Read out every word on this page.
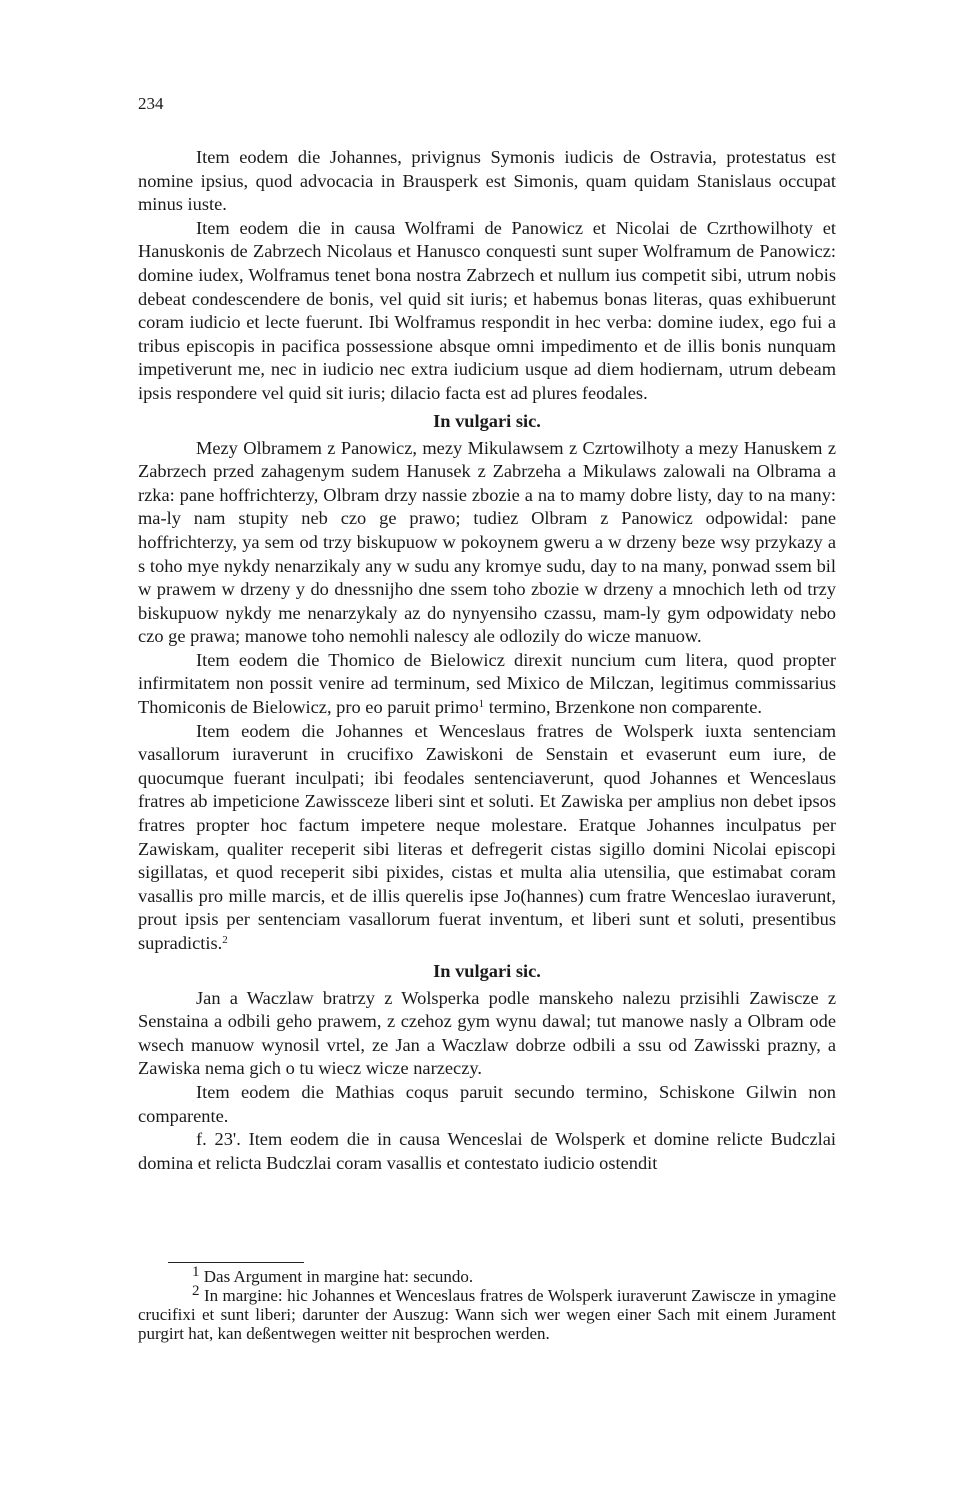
234

Item eodem die Johannes, privignus Symonis iudicis de Ostravia, protestatus est nomine ipsius, quod advocacia in Brausperk est Simonis, quam quidam Stanislaus occupat minus iuste.

Item eodem die in causa Wolframi de Panowicz et Nicolai de Czrthowilhoty et Hanuskonis de Zabrzech Nicolaus et Hanusco conquesti sunt super Wolframum de Panowicz: domine iudex, Wolframus tenet bona nostra Zabrzech et nullum ius competit sibi, utrum nobis debeat condescendere de bonis, vel quid sit iuris; et habemus bonas literas, quas exhibuerunt coram iudicio et lecte fuerunt. Ibi Wolframus respondit in hec verba: domine iudex, ego fui a tribus episcopis in pacifica possessione absque omni impedimento et de illis bonis nunquam impetiverunt me, nec in iudicio nec extra iudicium usque ad diem hodiernam, utrum debeam ipsis respondere vel quid sit iuris; dilacio facta est ad plures feodales.

In vulgari sic.

Mezy Olbramem z Panowicz, mezy Mikulawsem z Czrtowilhoty a mezy Hanuskem z Zabrzech przed zahagenym sudem Hanusek z Zabrzeha a Mikulaws zalowali na Olbrama a rzka: pane hoffrichterzy, Olbram drzy nassie zbozie a na to mamy dobre listy, day to na many: ma-ly nam stupity neb czo ge prawo; tudiez Olbram z Panowicz odpowidal: pane hoffrichterzy, ya sem od trzy biskupuow w pokoynem gweru a w drzeny beze wsy przykazy a s toho mye nykdy nenarzikaly any w sudu any kromye sudu, day to na many, ponwad ssem bil w prawem w drzeny y do dnessnijho dne ssem toho zbozie w drzeny a mnochich leth od trzy biskupuow nykdy me nenarzykaly az do nynyensiho czassu, mam-ly gym odpowidaty nebo czo ge prawa; manowe toho nemohli nalescy ale odlozily do wicze manuow.

Item eodem die Thomico de Bielowicz direxit nuncium cum litera, quod propter infirmitatem non possit venire ad terminum, sed Mixico de Milczan, legitimus commissarius Thomiconis de Bielowicz, pro eo paruit primo$^1$ termino, Brzenkone non comparente.

Item eodem die Johannes et Wenceslaus fratres de Wolsperk iuxta sentenciam vasallorum iuraverunt in crucifixo Zawiskoni de Senstain et evaserunt eum iure, de quocumque fuerant inculpati; ibi feodales sentenciaverunt, quod Johannes et Wenceslaus fratres ab impeticione Zawissceze liberi sint et soluti. Et Zawiska per amplius non debet ipsos fratres propter hoc factum impetere neque molestare. Eratque Johannes inculpatus per Zawiskam, qualiter receperit sibi literas et defregerit cistas sigillo domini Nicolai episcopi sigillatas, et quod receperit sibi pixides, cistas et multa alia utensilia, que estimabat coram vasallis pro mille marcis, et de illis querelis ipse Jo(hannes) cum fratre Wenceslao iuraverunt, prout ipsis per sentenciam vasallorum fuerat inventum, et liberi sunt et soluti, presentibus supradictis.$^2$

In vulgari sic.

Jan a Waczlaw bratrzy z Wolsperka podle manskeho nalezu przisihli Zawiscze z Senstaina a odbili geho prawem, z czehoz gym wynu dawal; tut manowe nasly a Olbram ode wsech manuow wynosil vrtel, ze Jan a Waczlaw dobrze odbili a ssu od Zawisski prazny, a Zawiska nema gich o tu wiecz wicze narzeczy.

Item eodem die Mathias coqus paruit secundo termino, Schiskone Gilwin non comparente.

f. 23'. Item eodem die in causa Wenceslai de Wolsperk et domine relicte Budczlai domina et relicta Budczlai coram vasallis et contestato iudicio ostendit

$^1$ Das Argument in margine hat: secundo.

$^2$ In margine: hic Johannes et Wenceslaus fratres de Wolsperk iuraverunt Zawiscze in ymagine crucifixi et sunt liberi; darunter der Auszug: Wann sich wer wegen einer Sach mit einem Jurament purgirt hat, kan deßentwegen weitter nit besprochen werden.
